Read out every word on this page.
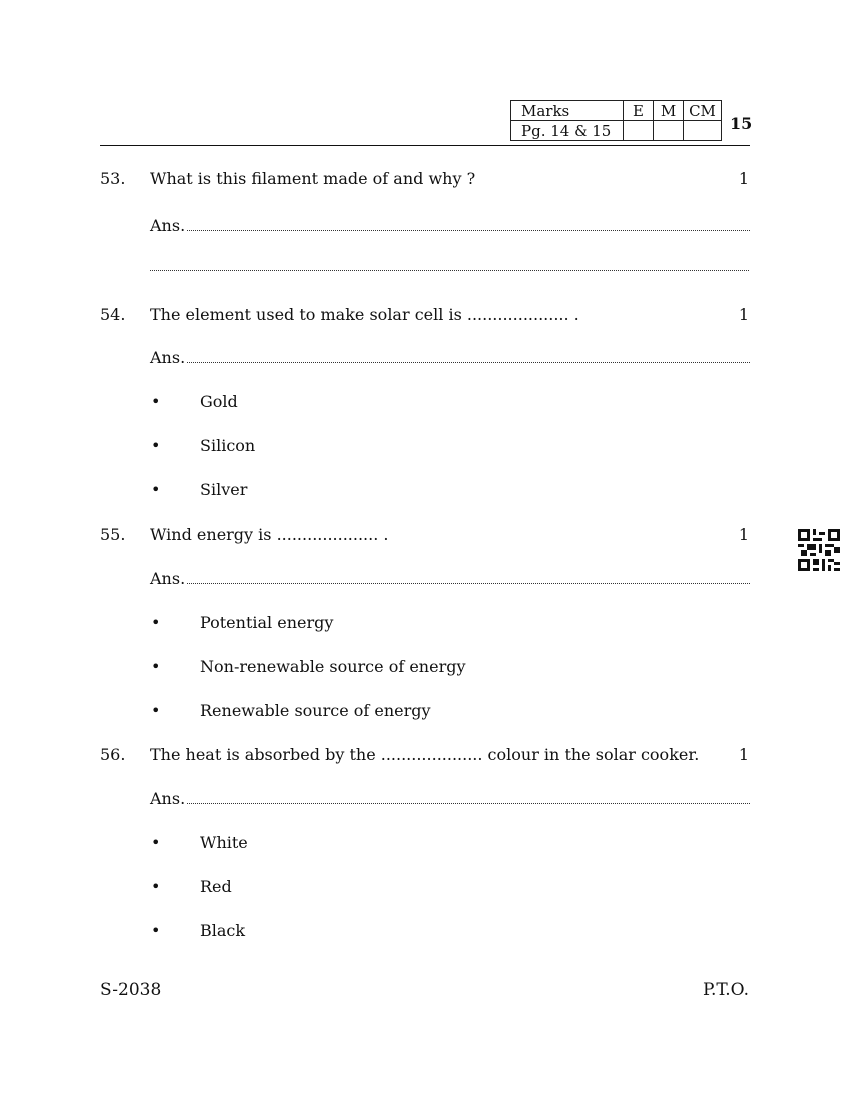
Marks	E	M	CM
Pg. 14 & 15				15
53. What is this filament made of and why ?	1
Ans.
54. The element used to make solar cell is .................... .	1
Ans.
• Gold
• Silicon
• Silver
55. Wind energy is .................... .	1
Ans.
• Potential energy
• Non-renewable source of energy
• Renewable source of energy
56. The heat is absorbed by the .................... colour in the solar cooker.	1
Ans.
• White
• Red
• Black
S-2038	P.T.O.
